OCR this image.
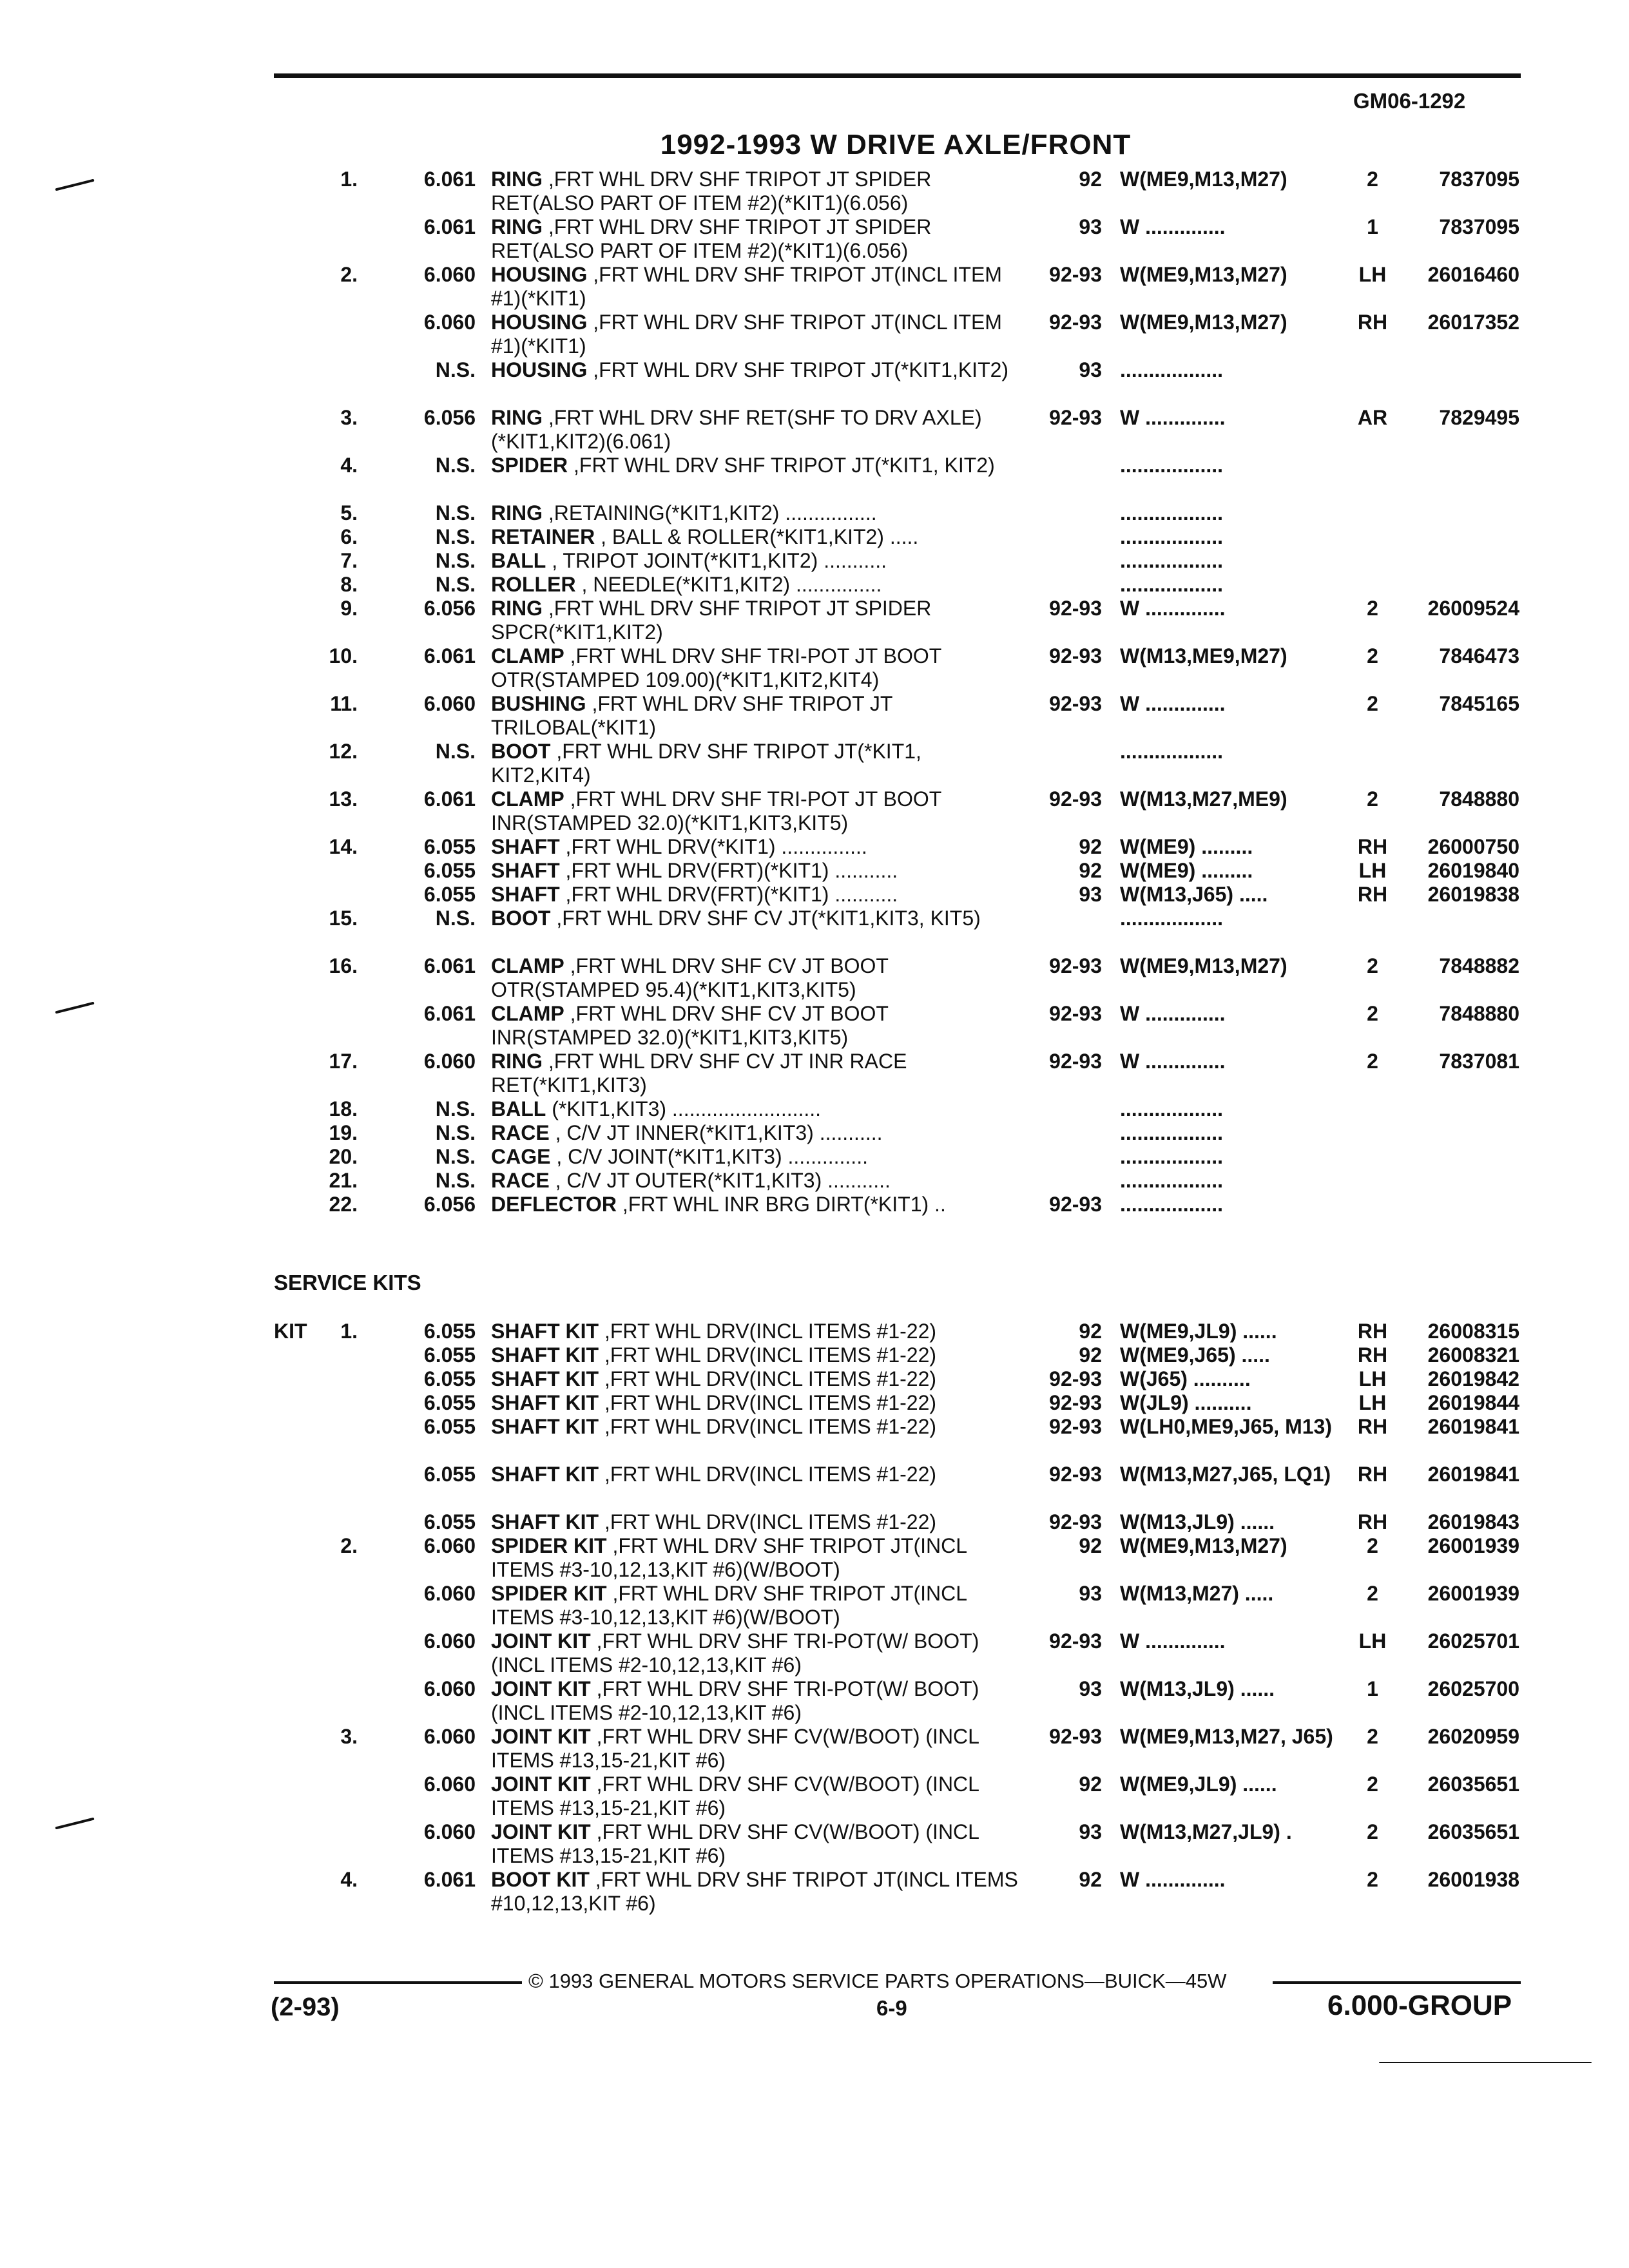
GM06-1292
1992-1993 W DRIVE AXLE/FRONT
1.	6.061	92 W(ME9,M13,M27)	2	7837095
RING ,FRT WHL DRV SHF TRIPOT JT SPIDER RET(ALSO PART OF ITEM #2)(*KIT1)(6.056)
6.061	93 W ..............	1	7837095
RING ,FRT WHL DRV SHF TRIPOT JT SPIDER RET(ALSO PART OF ITEM #2)(*KIT1)(6.056)
2.	6.060	92-93 W(ME9,M13,M27)	LH	26016460
HOUSING ,FRT WHL DRV SHF TRIPOT JT(INCL ITEM #1)(*KIT1)
6.060	92-93 W(ME9,M13,M27)	RH	26017352
HOUSING ,FRT WHL DRV SHF TRIPOT JT(INCL ITEM #1)(*KIT1)
N.S.	93 ..................
HOUSING ,FRT WHL DRV SHF TRIPOT JT(*KIT1,KIT2)
3.	6.056	92-93 W ..............	AR	7829495
RING ,FRT WHL DRV SHF RET(SHF TO DRV AXLE)(*KIT1,KIT2)(6.061)
4.	N.S.	..................
SPIDER ,FRT WHL DRV SHF TRIPOT JT(*KIT1, KIT2)
5.	N.S.	..................
RING ,RETAINING(*KIT1,KIT2) ................
6.	N.S.	..................
RETAINER , BALL & ROLLER(*KIT1,KIT2) .....
7.	N.S.	..................
BALL , TRIPOT JOINT(*KIT1,KIT2) ...........
8.	N.S.	..................
ROLLER , NEEDLE(*KIT1,KIT2) ...............
9.	6.056	92-93 W ..............	2	26009524
RING ,FRT WHL DRV SHF TRIPOT JT SPIDER SPCR(*KIT1,KIT2)
10.	6.061	92-93 W(M13,ME9,M27)	2	7846473
CLAMP ,FRT WHL DRV SHF TRI-POT JT BOOT OTR(STAMPED 109.00)(*KIT1,KIT2,KIT4)
11.	6.060	92-93 W ..............	2	7845165
BUSHING ,FRT WHL DRV SHF TRIPOT JT TRILOBAL(*KIT1)
12.	N.S.	..................
BOOT ,FRT WHL DRV SHF TRIPOT JT(*KIT1, KIT2,KIT4)
13.	6.061	92-93 W(M13,M27,ME9)	2	7848880
CLAMP ,FRT WHL DRV SHF TRI-POT JT BOOT INR(STAMPED 32.0)(*KIT1,KIT3,KIT5)
14.	6.055	92 W(ME9) .........	RH	26000750
SHAFT ,FRT WHL DRV(*KIT1) ...............
6.055	92 W(ME9) .........	LH	26019840
SHAFT ,FRT WHL DRV(FRT)(*KIT1) ...........
6.055	93 W(M13,J65) .....	RH	26019838
SHAFT ,FRT WHL DRV(FRT)(*KIT1) ...........
15.	N.S.	..................
BOOT ,FRT WHL DRV SHF CV JT(*KIT1,KIT3, KIT5)
16.	6.061	92-93 W(ME9,M13,M27)	2	7848882
CLAMP ,FRT WHL DRV SHF CV JT BOOT OTR(STAMPED 95.4)(*KIT1,KIT3,KIT5)
6.061	92-93 W ..............	2	7848880
CLAMP ,FRT WHL DRV SHF CV JT BOOT INR(STAMPED 32.0)(*KIT1,KIT3,KIT5)
17.	6.060	92-93 W ..............	2	7837081
RING ,FRT WHL DRV SHF CV JT INR RACE RET(*KIT1,KIT3)
18.	N.S.	..................
BALL (*KIT1,KIT3) ..........................
19.	N.S.	..................
RACE , C/V JT INNER(*KIT1,KIT3) ...........
20.	N.S.	..................
CAGE , C/V JOINT(*KIT1,KIT3) ..............
21.	N.S.	..................
RACE , C/V JT OUTER(*KIT1,KIT3) ...........
22.	6.056	92-93 ..................
DEFLECTOR ,FRT WHL INR BRG DIRT(*KIT1) ..
SERVICE KITS
KIT	1.	6.055	92 W(ME9,JL9) ......	RH	26008315
SHAFT KIT ,FRT WHL DRV(INCL ITEMS #1-22)
6.055	92 W(ME9,J65) .....	RH	26008321
SHAFT KIT ,FRT WHL DRV(INCL ITEMS #1-22)
6.055	92-93 W(J65) ..........	LH	26019842
SHAFT KIT ,FRT WHL DRV(INCL ITEMS #1-22)
6.055	92-93 W(JL9) ..........	LH	26019844
SHAFT KIT ,FRT WHL DRV(INCL ITEMS #1-22)
6.055	92-93 W(LH0,ME9,J65, M13)	RH	26019841
SHAFT KIT ,FRT WHL DRV(INCL ITEMS #1-22)
6.055	92-93 W(M13,M27,J65, LQ1)	RH	26019841
SHAFT KIT ,FRT WHL DRV(INCL ITEMS #1-22)
6.055	92-93 W(M13,JL9) ......	RH	26019843
SHAFT KIT ,FRT WHL DRV(INCL ITEMS #1-22)
2.	6.060	92 W(ME9,M13,M27)	2	26001939
SPIDER KIT ,FRT WHL DRV SHF TRIPOT JT(INCL ITEMS #3-10,12,13,KIT #6)(W/BOOT)
6.060	93 W(M13,M27) .....	2	26001939
SPIDER KIT ,FRT WHL DRV SHF TRIPOT JT(INCL ITEMS #3-10,12,13,KIT #6)(W/BOOT)
6.060	92-93 W ..............	LH	26025701
JOINT KIT ,FRT WHL DRV SHF TRI-POT(W/ BOOT)(INCL ITEMS #2-10,12,13,KIT #6)
6.060	93 W(M13,JL9) ......	1	26025700
JOINT KIT ,FRT WHL DRV SHF TRI-POT(W/ BOOT)(INCL ITEMS #2-10,12,13,KIT #6)
3.	6.060	92-93 W(ME9,M13,M27, J65)	2	26020959
JOINT KIT ,FRT WHL DRV SHF CV(W/BOOT) (INCL ITEMS #13,15-21,KIT #6)
6.060	92 W(ME9,JL9) ......	2	26035651
JOINT KIT ,FRT WHL DRV SHF CV(W/BOOT) (INCL ITEMS #13,15-21,KIT #6)
6.060	93 W(M13,M27,JL9) .	2	26035651
JOINT KIT ,FRT WHL DRV SHF CV(W/BOOT) (INCL ITEMS #13,15-21,KIT #6)
4.	6.061	92 W ..............	2	26001938
BOOT KIT ,FRT WHL DRV SHF TRIPOT JT(INCL ITEMS #10,12,13,KIT #6)
© 1993 GENERAL MOTORS SERVICE PARTS OPERATIONS—BUICK—45W
(2-93)	6-9	6.000-GROUP
